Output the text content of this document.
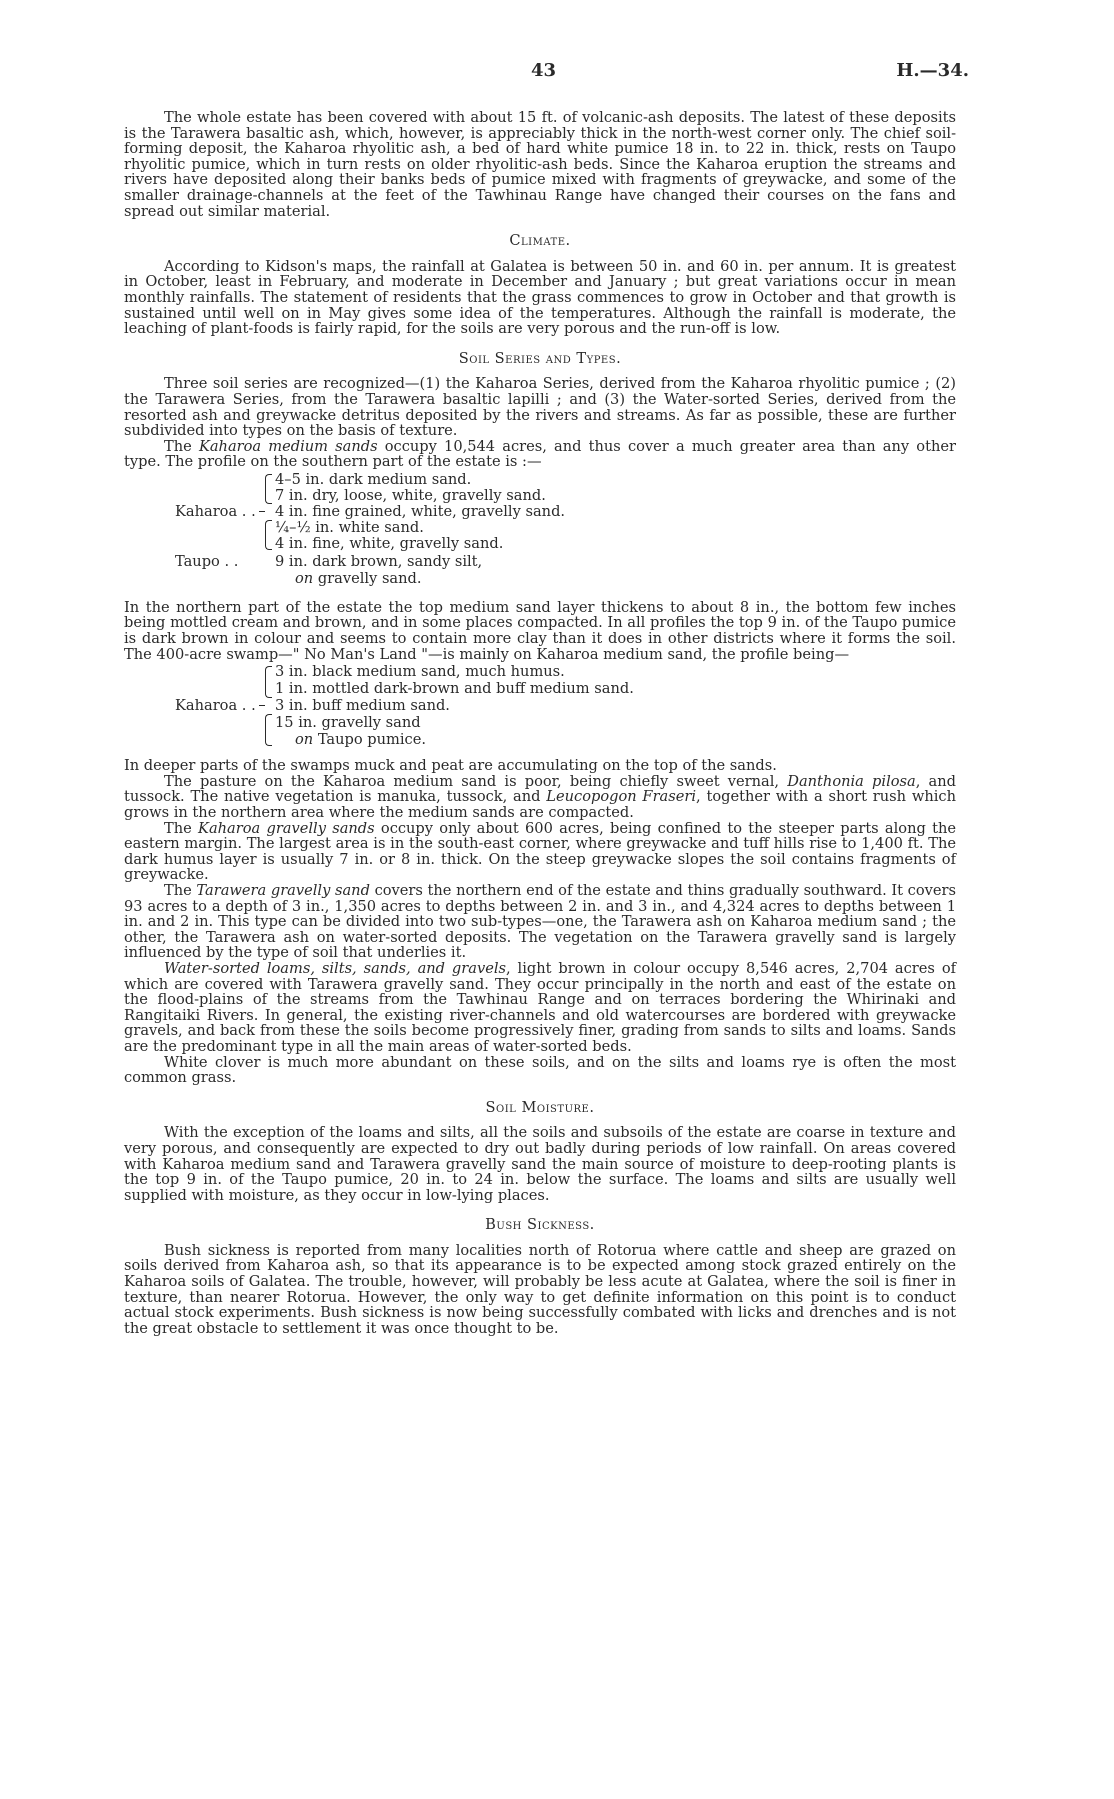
43	H.—34.

The whole estate has been covered with about 15 ft. of volcanic-ash deposits. The latest of these deposits is the Tarawera basaltic ash, which, however, is appreciably thick in the north-west corner only. The chief soil-forming deposit, the Kaharoa rhyolitic ash, a bed of hard white pumice 18 in. to 22 in. thick, rests on Taupo rhyolitic pumice, which in turn rests on older rhyolitic-ash beds. Since the Kaharoa eruption the streams and rivers have deposited along their banks beds of pumice mixed with fragments of greywacke, and some of the smaller drainage-channels at the feet of the Tawhinau Range have changed their courses on the fans and spread out similar material.

Climate.

According to Kidson's maps, the rainfall at Galatea is between 50 in. and 60 in. per annum. It is greatest in October, least in February, and moderate in December and January ; but great variations occur in mean monthly rainfalls. The statement of residents that the grass commences to grow in October and that growth is sustained until well on in May gives some idea of the temperatures. Although the rainfall is moderate, the leaching of plant-foods is fairly rapid, for the soils are very porous and the run-off is low.

Soil Series and Types.

Three soil series are recognized—(1) the Kaharoa Series, derived from the Kaharoa rhyolitic pumice ; (2) the Tarawera Series, from the Tarawera basaltic lapilli ; and (3) the Water-sorted Series, derived from the resorted ash and greywacke detritus deposited by the rivers and streams. As far as possible, these are further subdivided into types on the basis of texture.

The Kaharoa medium sands occupy 10,544 acres, and thus cover a much greater area than any other type. The profile on the southern part of the estate is :—

Kaharoa . .
4–5 in. dark medium sand.
7 in. dry, loose, white, gravelly sand.
4 in. fine grained, white, gravelly sand.
¼–½ in. white sand.
4 in. fine, white, gravelly sand.
Taupo . .	9 in. dark brown, sandy silt,
on gravelly sand.

In the northern part of the estate the top medium sand layer thickens to about 8 in., the bottom few inches being mottled cream and brown, and in some places compacted. In all profiles the top 9 in. of the Taupo pumice is dark brown in colour and seems to contain more clay than it does in other districts where it forms the soil. The 400-acre swamp—" No Man's Land "—is mainly on Kaharoa medium sand, the profile being—

Kaharoa . .
3 in. black medium sand, much humus.
1 in. mottled dark-brown and buff medium sand.
3 in. buff medium sand.
15 in. gravelly sand
on Taupo pumice.

In deeper parts of the swamps muck and peat are accumulating on the top of the sands.

The pasture on the Kaharoa medium sand is poor, being chiefly sweet vernal, Danthonia pilosa, and tussock. The native vegetation is manuka, tussock, and Leucopogon Fraseri, together with a short rush which grows in the northern area where the medium sands are compacted.

The Kaharoa gravelly sands occupy only about 600 acres, being confined to the steeper parts along the eastern margin. The largest area is in the south-east corner, where greywacke and tuff hills rise to 1,400 ft. The dark humus layer is usually 7 in. or 8 in. thick. On the steep greywacke slopes the soil contains fragments of greywacke.

The Tarawera gravelly sand covers the northern end of the estate and thins gradually southward. It covers 93 acres to a depth of 3 in., 1,350 acres to depths between 2 in. and 3 in., and 4,324 acres to depths between 1 in. and 2 in. This type can be divided into two sub-types—one, the Tarawera ash on Kaharoa medium sand ; the other, the Tarawera ash on water-sorted deposits. The vegetation on the Tarawera gravelly sand is largely influenced by the type of soil that underlies it.

Water-sorted loams, silts, sands, and gravels, light brown in colour occupy 8,546 acres, 2,704 acres of which are covered with Tarawera gravelly sand. They occur principally in the north and east of the estate on the flood-plains of the streams from the Tawhinau Range and on terraces bordering the Whirinaki and Rangitaiki Rivers. In general, the existing river-channels and old watercourses are bordered with greywacke gravels, and back from these the soils become progressively finer, grading from sands to silts and loams. Sands are the predominant type in all the main areas of water-sorted beds.

White clover is much more abundant on these soils, and on the silts and loams rye is often the most common grass.

Soil Moisture.

With the exception of the loams and silts, all the soils and subsoils of the estate are coarse in texture and very porous, and consequently are expected to dry out badly during periods of low rainfall. On areas covered with Kaharoa medium sand and Tarawera gravelly sand the main source of moisture to deep-rooting plants is the top 9 in. of the Taupo pumice, 20 in. to 24 in. below the surface. The loams and silts are usually well supplied with moisture, as they occur in low-lying places.

Bush Sickness.

Bush sickness is reported from many localities north of Rotorua where cattle and sheep are grazed on soils derived from Kaharoa ash, so that its appearance is to be expected among stock grazed entirely on the Kaharoa soils of Galatea. The trouble, however, will probably be less acute at Galatea, where the soil is finer in texture, than nearer Rotorua. However, the only way to get definite information on this point is to conduct actual stock experiments. Bush sickness is now being successfully combated with licks and drenches and is not the great obstacle to settlement it was once thought to be.
